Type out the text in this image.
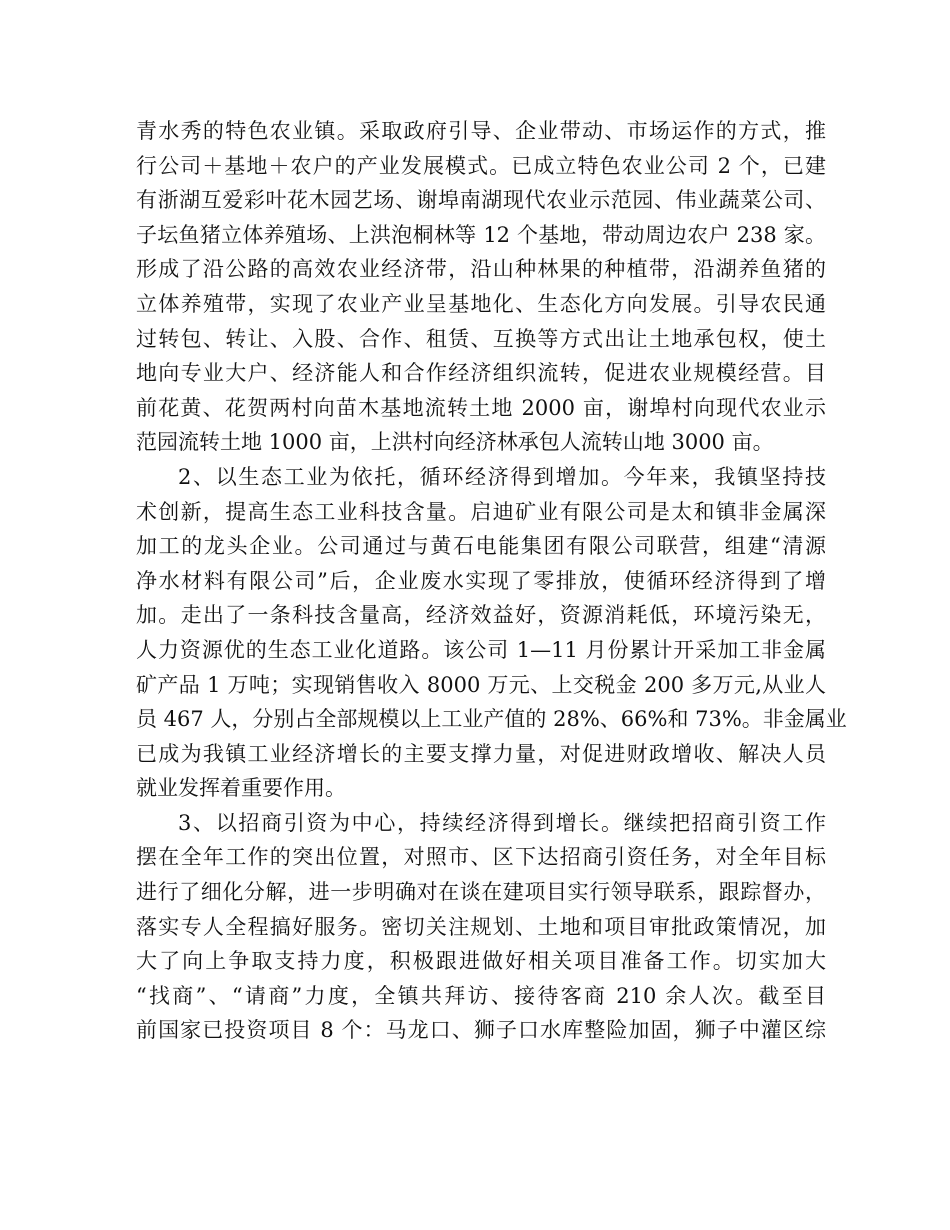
青水秀的特色农业镇。采取政府引导、企业带动、市场运作的方式，推
行公司＋基地＋农户的产业发展模式。已成立特色农业公司 2 个，已建
有浙湖互爱彩叶花木园艺场、谢埠南湖现代农业示范园、伟业蔬菜公司、
子坛鱼猪立体养殖场、上洪泡桐林等 12 个基地，带动周边农户 238 家。
形成了沿公路的高效农业经济带，沿山种林果的种植带，沿湖养鱼猪的
立体养殖带，实现了农业产业呈基地化、生态化方向发展。引导农民通
过转包、转让、入股、合作、租赁、互换等方式出让土地承包权，使土
地向专业大户、经济能人和合作经济组织流转，促进农业规模经营。目
前花黄、花贺两村向苗木基地流转土地 2000 亩，谢埠村向现代农业示
范园流转土地 1000 亩，上洪村向经济林承包人流转山地 3000 亩。
2、以生态工业为依托，循环经济得到增加。今年来，我镇坚持技
术创新，提高生态工业科技含量。启迪矿业有限公司是太和镇非金属深
加工的龙头企业。公司通过与黄石电能集团有限公司联营，组建“清源
净水材料有限公司”后，企业废水实现了零排放，使循环经济得到了增
加。走出了一条科技含量高，经济效益好，资源消耗低，环境污染无，
人力资源优的生态工业化道路。该公司 1—11 月份累计开采加工非金属
矿产品 1 万吨；实现销售收入 8000 万元、上交税金 200 多万元,从业人
员 467 人，分别占全部规模以上工业产值的 28%、66%和 73%。非金属业
已成为我镇工业经济增长的主要支撑力量，对促进财政增收、解决人员
就业发挥着重要作用。
3、以招商引资为中心，持续经济得到增长。继续把招商引资工作
摆在全年工作的突出位置，对照市、区下达招商引资任务，对全年目标
进行了细化分解，进一步明确对在谈在建项目实行领导联系，跟踪督办，
落实专人全程搞好服务。密切关注规划、土地和项目审批政策情况，加
大了向上争取支持力度，积极跟进做好相关项目准备工作。切实加大
“找商”、“请商”力度，全镇共拜访、接待客商 210 余人次。截至目
前国家已投资项目 8 个：马龙口、狮子口水库整险加固，狮子中灌区综
